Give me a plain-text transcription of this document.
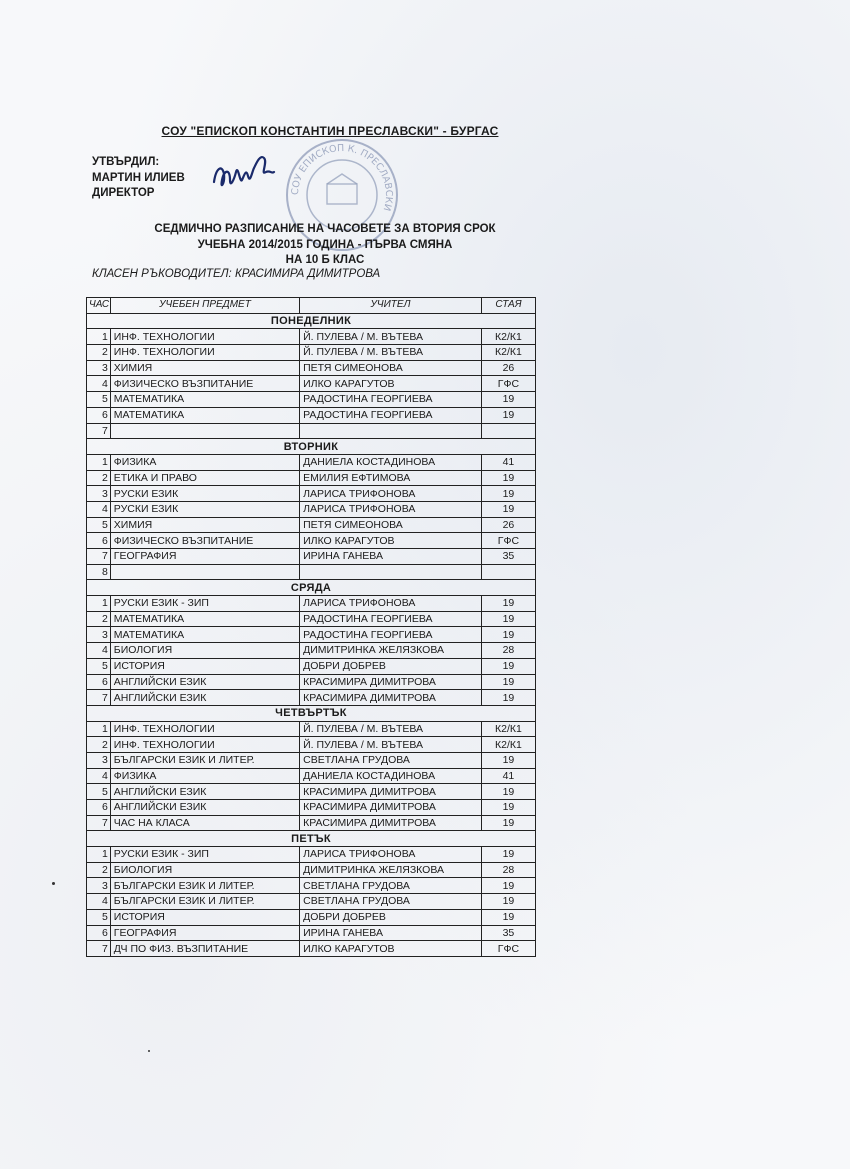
СОУ "ЕПИСКОП КОНСТАНТИН ПРЕСЛАВСКИ" - БУРГАС
УТВЪРДИЛ:
МАРТИН ИЛИЕВ
ДИРЕКТОР	СОУ ЕПИСКОП К. ПРЕСЛАВСКИ
СЕДМИЧНО РАЗПИСАНИЕ НА ЧАСОВЕТЕ ЗА ВТОРИЯ СРОК
УЧЕБНА 2014/2015 ГОДИНА - ПЪРВА СМЯНА
НА 10 Б КЛАС
КЛАСЕН РЪКОВОДИТЕЛ: КРАСИМИРА ДИМИТРОВА
ЧАС	УЧЕБЕН ПРЕДМЕТ	УЧИТЕЛ	СТАЯ
ПОНЕДЕЛНИК			
1	ИНФ. ТЕХНОЛОГИИ	Й. ПУЛЕВА / М. ВЪТЕВА	К2/К1
2	ИНФ. ТЕХНОЛОГИИ	Й. ПУЛЕВА / М. ВЪТЕВА	К2/К1
3	ХИМИЯ	ПЕТЯ СИМЕОНОВА	26
4	ФИЗИЧЕСКО ВЪЗПИТАНИЕ	ИЛКО КАРАГУТОВ	ГФС
5	МАТЕМАТИКА	РАДОСТИНА ГЕОРГИЕВА	19
6	МАТЕМАТИКА	РАДОСТИНА ГЕОРГИЕВА	19
7			
ВТОРНИК			
1	ФИЗИКА	ДАНИЕЛА КОСТАДИНОВА	41
2	ЕТИКА И ПРАВО	ЕМИЛИЯ ЕФТИМОВА	19
3	РУСКИ ЕЗИК	ЛАРИСА ТРИФОНОВА	19
4	РУСКИ ЕЗИК	ЛАРИСА ТРИФОНОВА	19
5	ХИМИЯ	ПЕТЯ СИМЕОНОВА	26
6	ФИЗИЧЕСКО ВЪЗПИТАНИЕ	ИЛКО КАРАГУТОВ	ГФС
7	ГЕОГРАФИЯ	ИРИНА ГАНЕВА	35
8			
СРЯДА			
1	РУСКИ ЕЗИК - ЗИП	ЛАРИСА ТРИФОНОВА	19
2	МАТЕМАТИКА	РАДОСТИНА ГЕОРГИЕВА	19
3	МАТЕМАТИКА	РАДОСТИНА ГЕОРГИЕВА	19
4	БИОЛОГИЯ	ДИМИТРИНКА ЖЕЛЯЗКОВА	28
5	ИСТОРИЯ	ДОБРИ ДОБРЕВ	19
6	АНГЛИЙСКИ ЕЗИК	КРАСИМИРА ДИМИТРОВА	19
7	АНГЛИЙСКИ ЕЗИК	КРАСИМИРА ДИМИТРОВА	19
ЧЕТВЪРТЪК			
1	ИНФ. ТЕХНОЛОГИИ	Й. ПУЛЕВА / М. ВЪТЕВА	К2/К1
2	ИНФ. ТЕХНОЛОГИИ	Й. ПУЛЕВА / М. ВЪТЕВА	К2/К1
3	БЪЛГАРСКИ ЕЗИК И ЛИТЕР.	СВЕТЛАНА ГРУДОВА	19
4	ФИЗИКА	ДАНИЕЛА КОСТАДИНОВА	41
5	АНГЛИЙСКИ ЕЗИК	КРАСИМИРА ДИМИТРОВА	19
6	АНГЛИЙСКИ ЕЗИК	КРАСИМИРА ДИМИТРОВА	19
7	ЧАС НА КЛАСА	КРАСИМИРА ДИМИТРОВА	19
ПЕТЪК			
1	РУСКИ ЕЗИК - ЗИП	ЛАРИСА ТРИФОНОВА	19
2	БИОЛОГИЯ	ДИМИТРИНКА ЖЕЛЯЗКОВА	28
3	БЪЛГАРСКИ ЕЗИК И ЛИТЕР.	СВЕТЛАНА ГРУДОВА	19
4	БЪЛГАРСКИ ЕЗИК И ЛИТЕР.	СВЕТЛАНА ГРУДОВА	19
5	ИСТОРИЯ	ДОБРИ ДОБРЕВ	19
6	ГЕОГРАФИЯ	ИРИНА ГАНЕВА	35
7	ДЧ ПО ФИЗ. ВЪЗПИТАНИЕ	ИЛКО КАРАГУТОВ	ГФС
